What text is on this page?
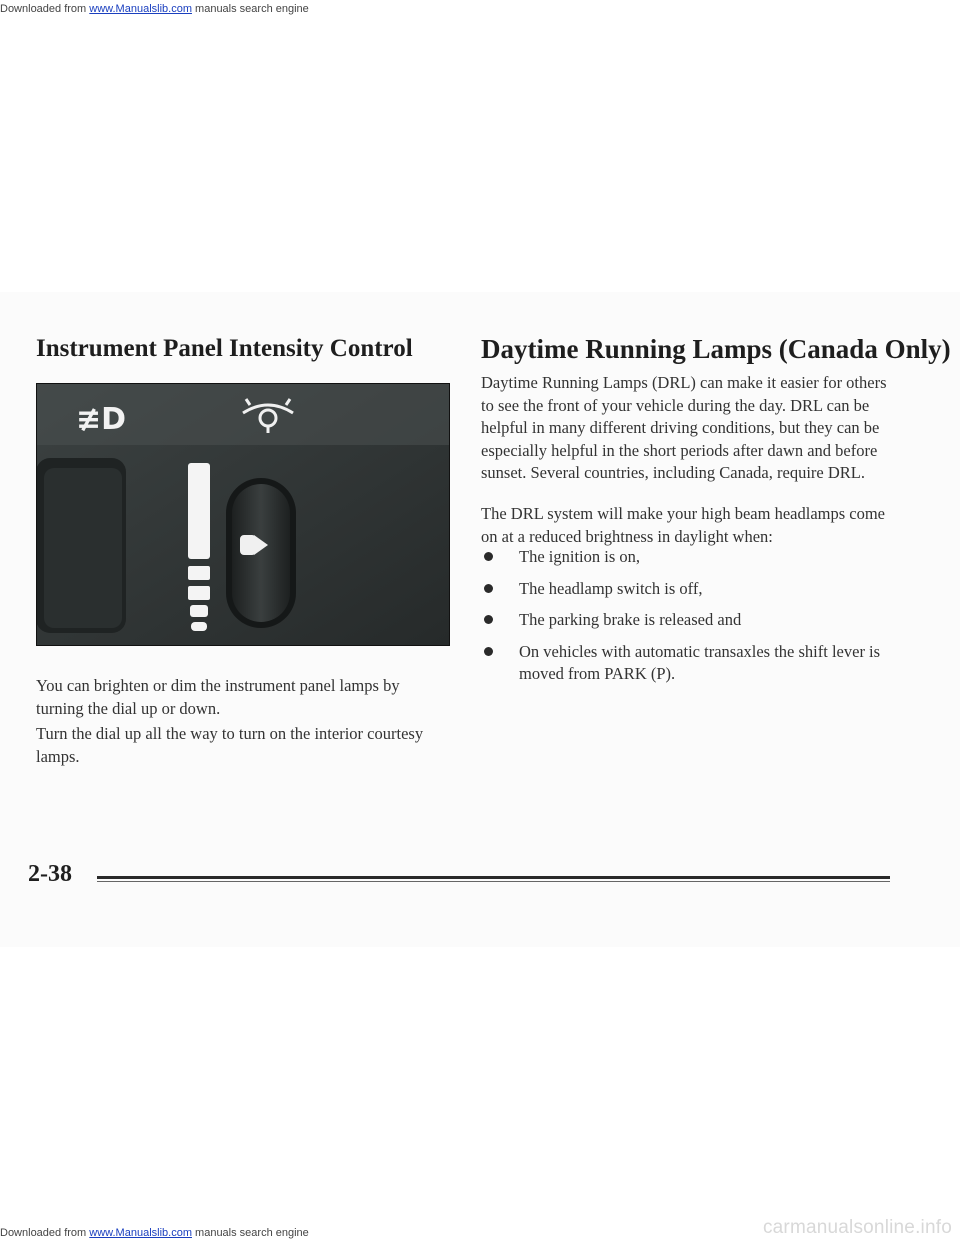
Downloaded from www.Manualslib.com manuals search engine
Instrument Panel Intensity Control	Daytime Running Lamps (Canada Only)
≢D

You can brighten or dim the instrument panel lamps by turning the dial up or down.

Turn the dial up all the way to turn on the interior courtesy lamps.

Daytime Running Lamps (DRL) can make it easier for others to see the front of your vehicle during the day. DRL can be helpful in many different driving conditions, but they can be especially helpful in the short periods after dawn and before sunset. Several countries, including Canada, require DRL.

The DRL system will make your high beam headlamps come on at a reduced brightness in daylight when:

The ignition is on,
The headlamp switch is off,
The parking brake is released and
On vehicles with automatic transaxles the shift lever is moved from PARK (P).
2-38
Downloaded from www.Manualslib.com manuals search engine	carmanualsonline.info
